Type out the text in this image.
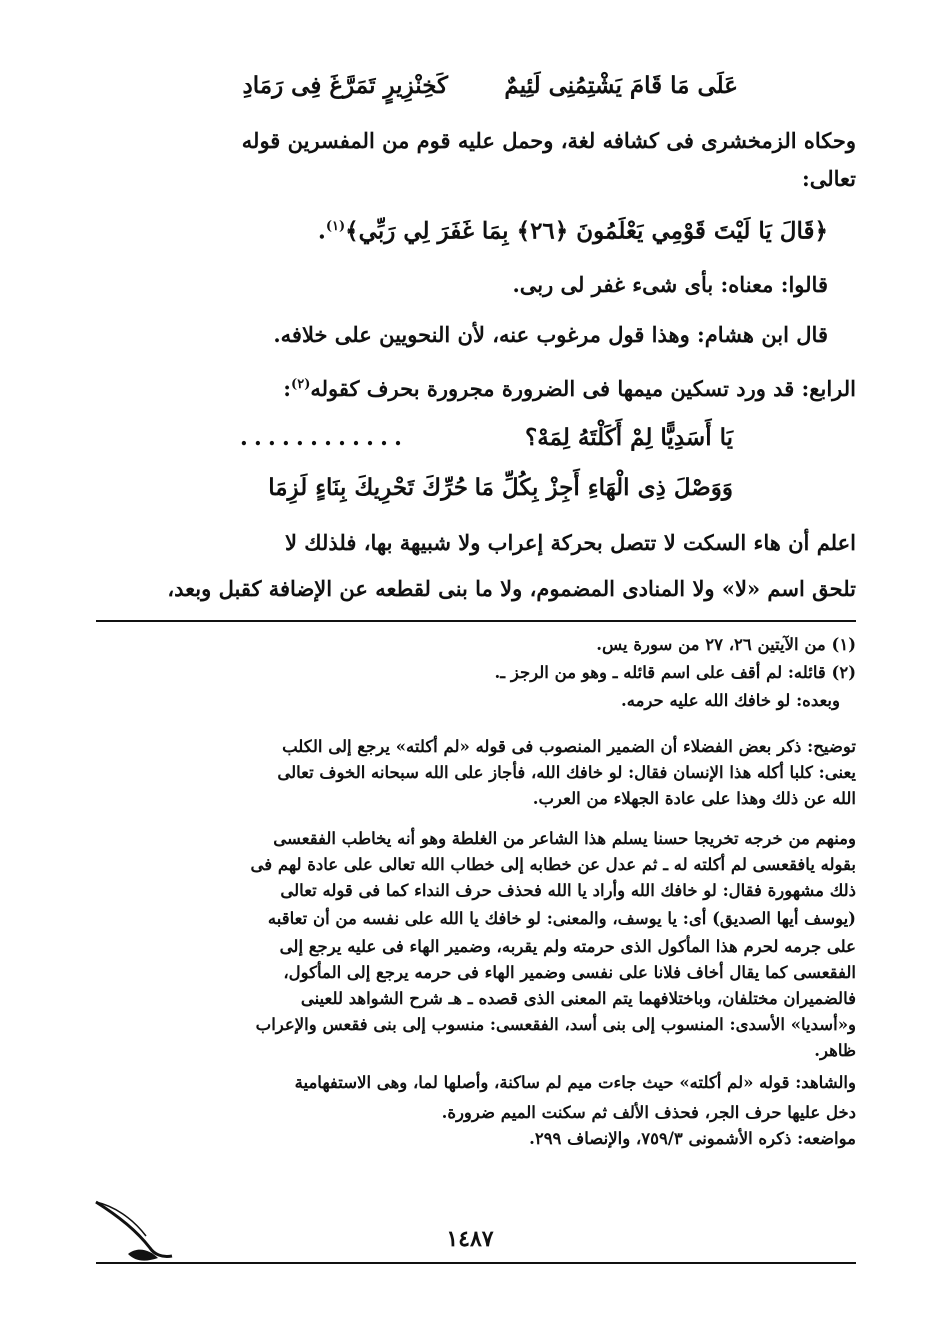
عَلَى مَا قَامَ يَشْتِمُنِى لَئِيمٌ
كَخِنْزِيرٍ تَمَرَّغَ فِى رَمَادِ
وحكاه الزمخشرى فى كشافه لغة، وحمل عليه قوم من المفسرين قوله
تعالى:
﴿قَالَ يَا لَيْتَ قَوْمِي يَعْلَمُونَ ﴿٢٦﴾ بِمَا غَفَرَ لِي رَبِّي﴾$^{(١)}$.
قالوا: معناه: بأى شىء غفر لى ربى.
قال ابن هشام: وهذا قول مرغوب عنه، لأن النحويين على خلافه.
الرابع: قد ورد تسكين ميمها فى الضرورة مجرورة بحرف كقوله$^{(٢)}$:
يَا أَسَدِيًّا لِمْ أَكَلْتَهُ لِمَهْ؟
............
وَوَصْلَ ذِى الْهَاءِ أَجِزْ بِكُلِّ مَا
حُرِّكَ تَحْرِيكَ بِنَاءٍ لَزِمَا
اعلم أن هاء السكت لا تتصل بحركة إعراب ولا شبيهة بها، فلذلك لا
تلحق اسم «لا» ولا المنادى المضموم، ولا ما بنى لقطعه عن الإضافة كقبل وبعد،
(١) من الآيتين ٢٦، ٢٧ من سورة يس.
(٢) قائله: لم أقف على اسم قائله ـ وهو من الرجز ـ.
وبعده: لو خافك الله عليه حرمه.
توضيح: ذكر بعض الفضلاء أن الضمير المنصوب فى قوله «لم أكلته» يرجع إلى الكلب
يعنى: كلبا أكله هذا الإنسان فقال: لو خافك الله، فأجاز على الله سبحانه الخوف تعالى
الله عن ذلك وهذا على عادة الجهلاء من العرب.
ومنهم من خرجه تخريجا حسنا يسلم هذا الشاعر من الغلطة وهو أنه يخاطب الفقعسى
بقوله يافقعسى لم أكلته له ـ ثم عدل عن خطابه إلى خطاب الله تعالى على عادة لهم فى
ذلك مشهورة فقال: لو خافك الله وأراد يا الله فحذف حرف النداء كما فى قوله تعالى
(يوسف أيها الصديق) أى: يا يوسف، والمعنى: لو خافك يا الله على نفسه من أن تعاقبه
على جرمه لحرم هذا المأكول الذى حرمته ولم يقربه، وضمير الهاء فى عليه يرجع إلى
الفقعسى كما يقال أخاف فلانا على نفسى وضمير الهاء فى حرمه يرجع إلى المأكول،
فالضميران مختلفان، وباختلافهما يتم المعنى الذى قصده ـ هـ شرح الشواهد للعينى
و«أسديا» الأسدى: المنسوب إلى بنى أسد، الفقعسى: منسوب إلى بنى فقعس والإعراب
ظاهر.
والشاهد: قوله «لم أكلته» حيث جاءت ميم لم ساكنة، وأصلها لما، وهى الاستفهامية
دخل عليها حرف الجر، فحذف الألف ثم سكنت الميم ضرورة.
مواضعه: ذكره الأشمونى ٧٥٩/٣، والإنصاف ٢٩٩.
١٤٨٧
